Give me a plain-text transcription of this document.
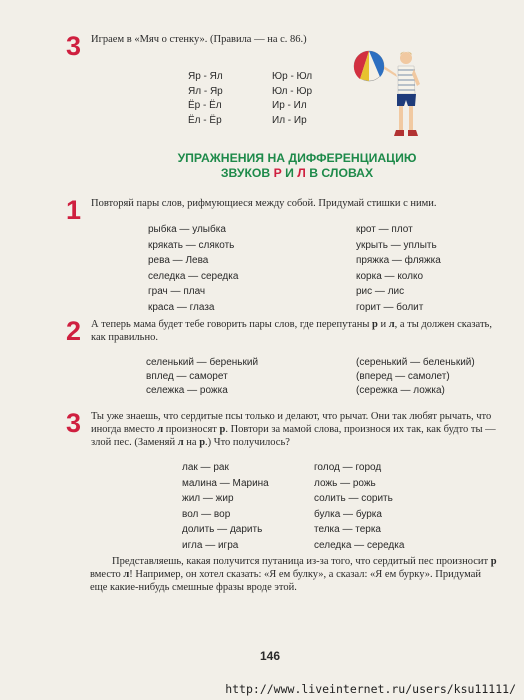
3 Играем в «Мяч о стенку». (Правила — на с. 86.)
Яр - Ял
Ял - Яр
Ёр - Ёл
Ёл - Ёр
Юр - Юл
Юл - Юр
Ир - Ил
Ил - Ир
УПРАЖНЕНИЯ НА ДИФФЕРЕНЦИАЦИЮ
ЗВУКОВ Р И Л В СЛОВАХ
1 Повторяй пары слов, рифмующиеся между собой. Придумай стишки с ними.
рыбка — улыбка
крякать — слякоть
рева — Лева
селедка — середка
грач — плач
краса — глаза
крот — плот
укрыть — уплыть
пряжка — фляжка
корка — колко
рис — лис
горит — болит
2 А теперь мама будет тебе говорить пары слов, где перепутаны р и л, а ты должен сказать, как правильно.
селенький — беренький
вплед — саморет
сележка — рожка
(серенький — беленький)
(вперед — самолет)
(сережка — ложка)
3 Ты уже знаешь, что сердитые псы только и делают, что рычат. Они так любят рычать, что иногда вместо л произносят р. Повтори за мамой слова, произнося их так, как будто ты — злой пес. (Заменяй л на р.) Что получилось?
лак — рак
малина — Марина
жил — жир
вол — вор
долить — дарить
игла — игра
голод — город
ложь — рожь
солить — сорить
булка — бурка
телка — терка
селедка — середка
Представляешь, какая получится путаница из-за того, что сердитый пес произносит р вместо л! Например, он хотел сказать: «Я ем булку», а сказал: «Я ем бурку». Придумай еще какие-нибудь смешные фразы вроде этой.
146
http://www.liveinternet.ru/users/ksu11111/
